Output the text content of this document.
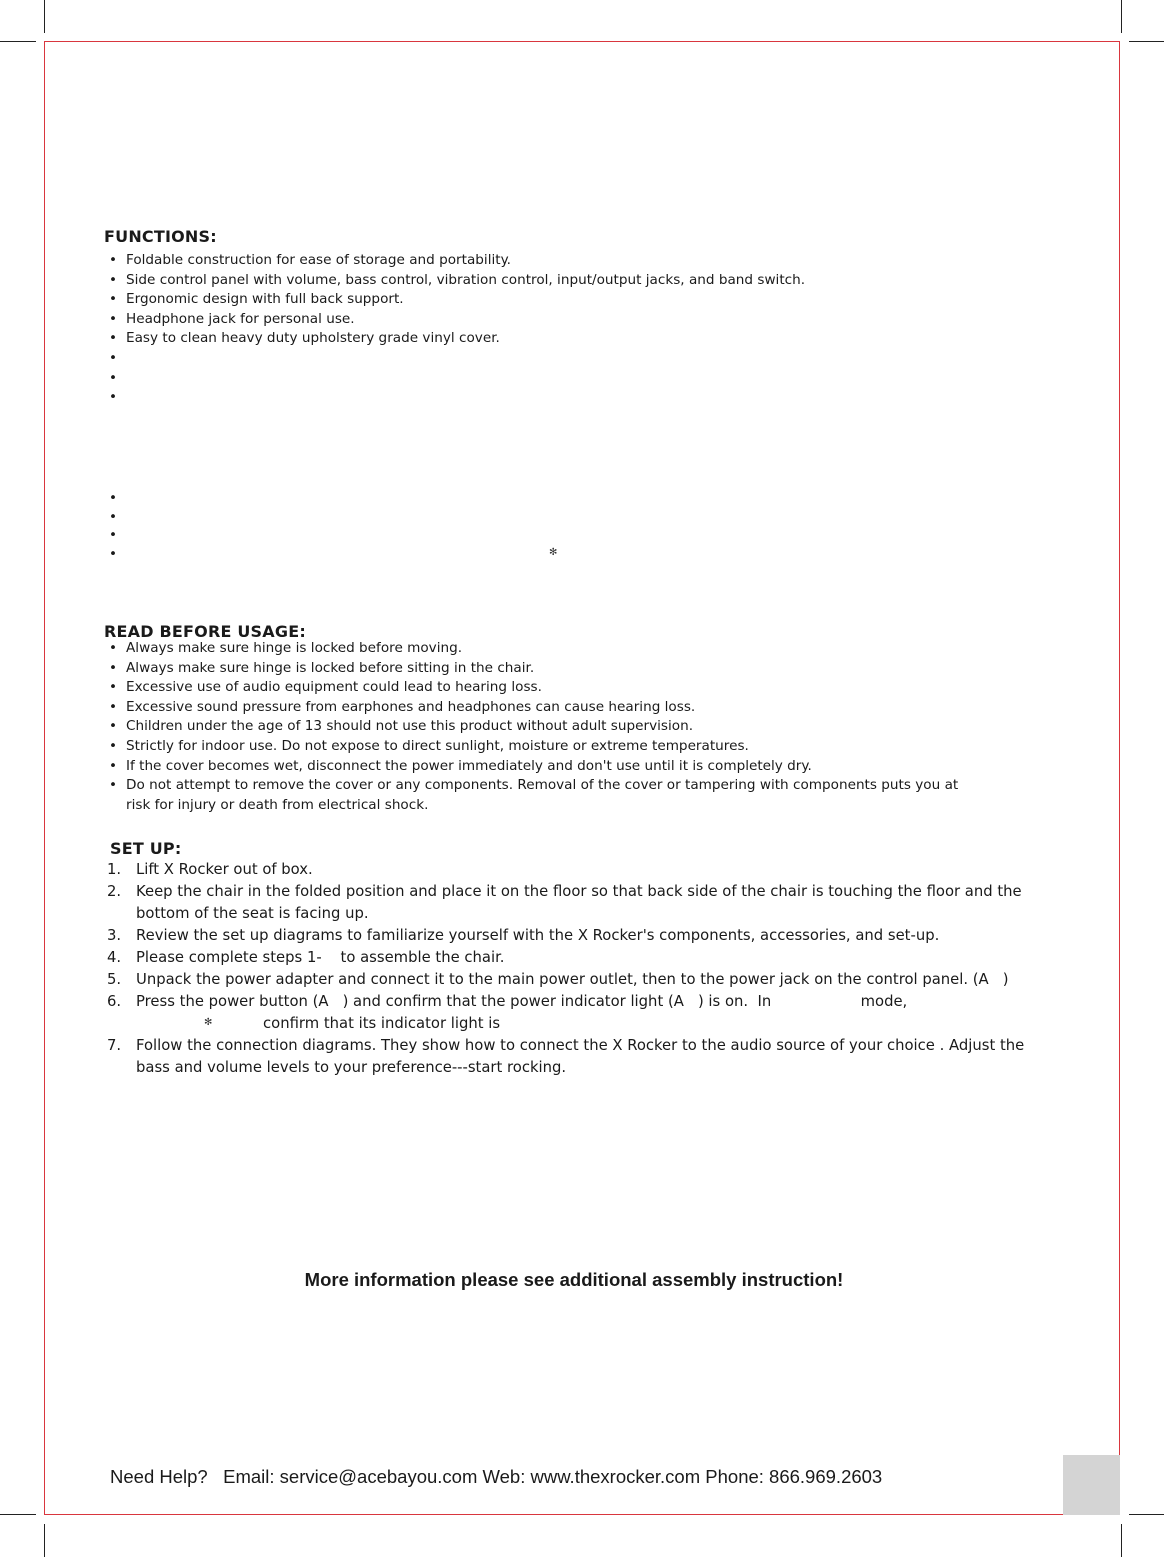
FUNCTIONS:
• Foldable construction for ease of storage and portability.
• Side control panel with volume, bass control, vibration control, input/output jacks, and band switch.
• Ergonomic design with full back support.
• Headphone jack for personal use.
• Easy to clean heavy duty upholstery grade vinyl cover.
•

•

•

•

•

•

•
	✻
READ BEFORE USAGE:
• Always make sure hinge is locked before moving.
• Always make sure hinge is locked before sitting in the chair.
• Excessive use of audio equipment could lead to hearing loss.
• Excessive sound pressure from earphones and headphones can cause hearing loss.
• Children under the age of 13 should not use this product without adult supervision.
• Strictly for indoor use. Do not expose to direct sunlight, moisture or extreme temperatures.
• If the cover becomes wet, disconnect the power immediately and don't use until it is completely dry.
• Do not attempt to remove the cover or any components. Removal of the cover or tampering with components puts you at risk for injury or death from electrical shock.
SET UP:
1. Lift X Rocker out of box.
2. Keep the chair in the folded position and place it on the floor so that back side of the chair is touching the floor and the bottom of the seat is facing up.
3. Review the set up diagrams to familiarize yourself with the X Rocker's components, accessories, and set-up.
4. Please complete steps 1-    to assemble the chair.
5. Unpack the power adapter and connect it to the main power outlet, then to the power jack on the control panel. (A   )
6. Press the power button (A   ) and confirm that the power indicator light (A   ) is on.  In                   mode,
confirm that its indicator light is
7. Follow the connection diagrams. They show how to connect the X Rocker to the audio source of your choice . Adjust the bass and volume levels to your preference---start rocking.
✻
More information please see additional assembly instruction!
Need Help? Email: service@acebayou.com Web: www.thexrocker.com Phone: 866.969.2603
